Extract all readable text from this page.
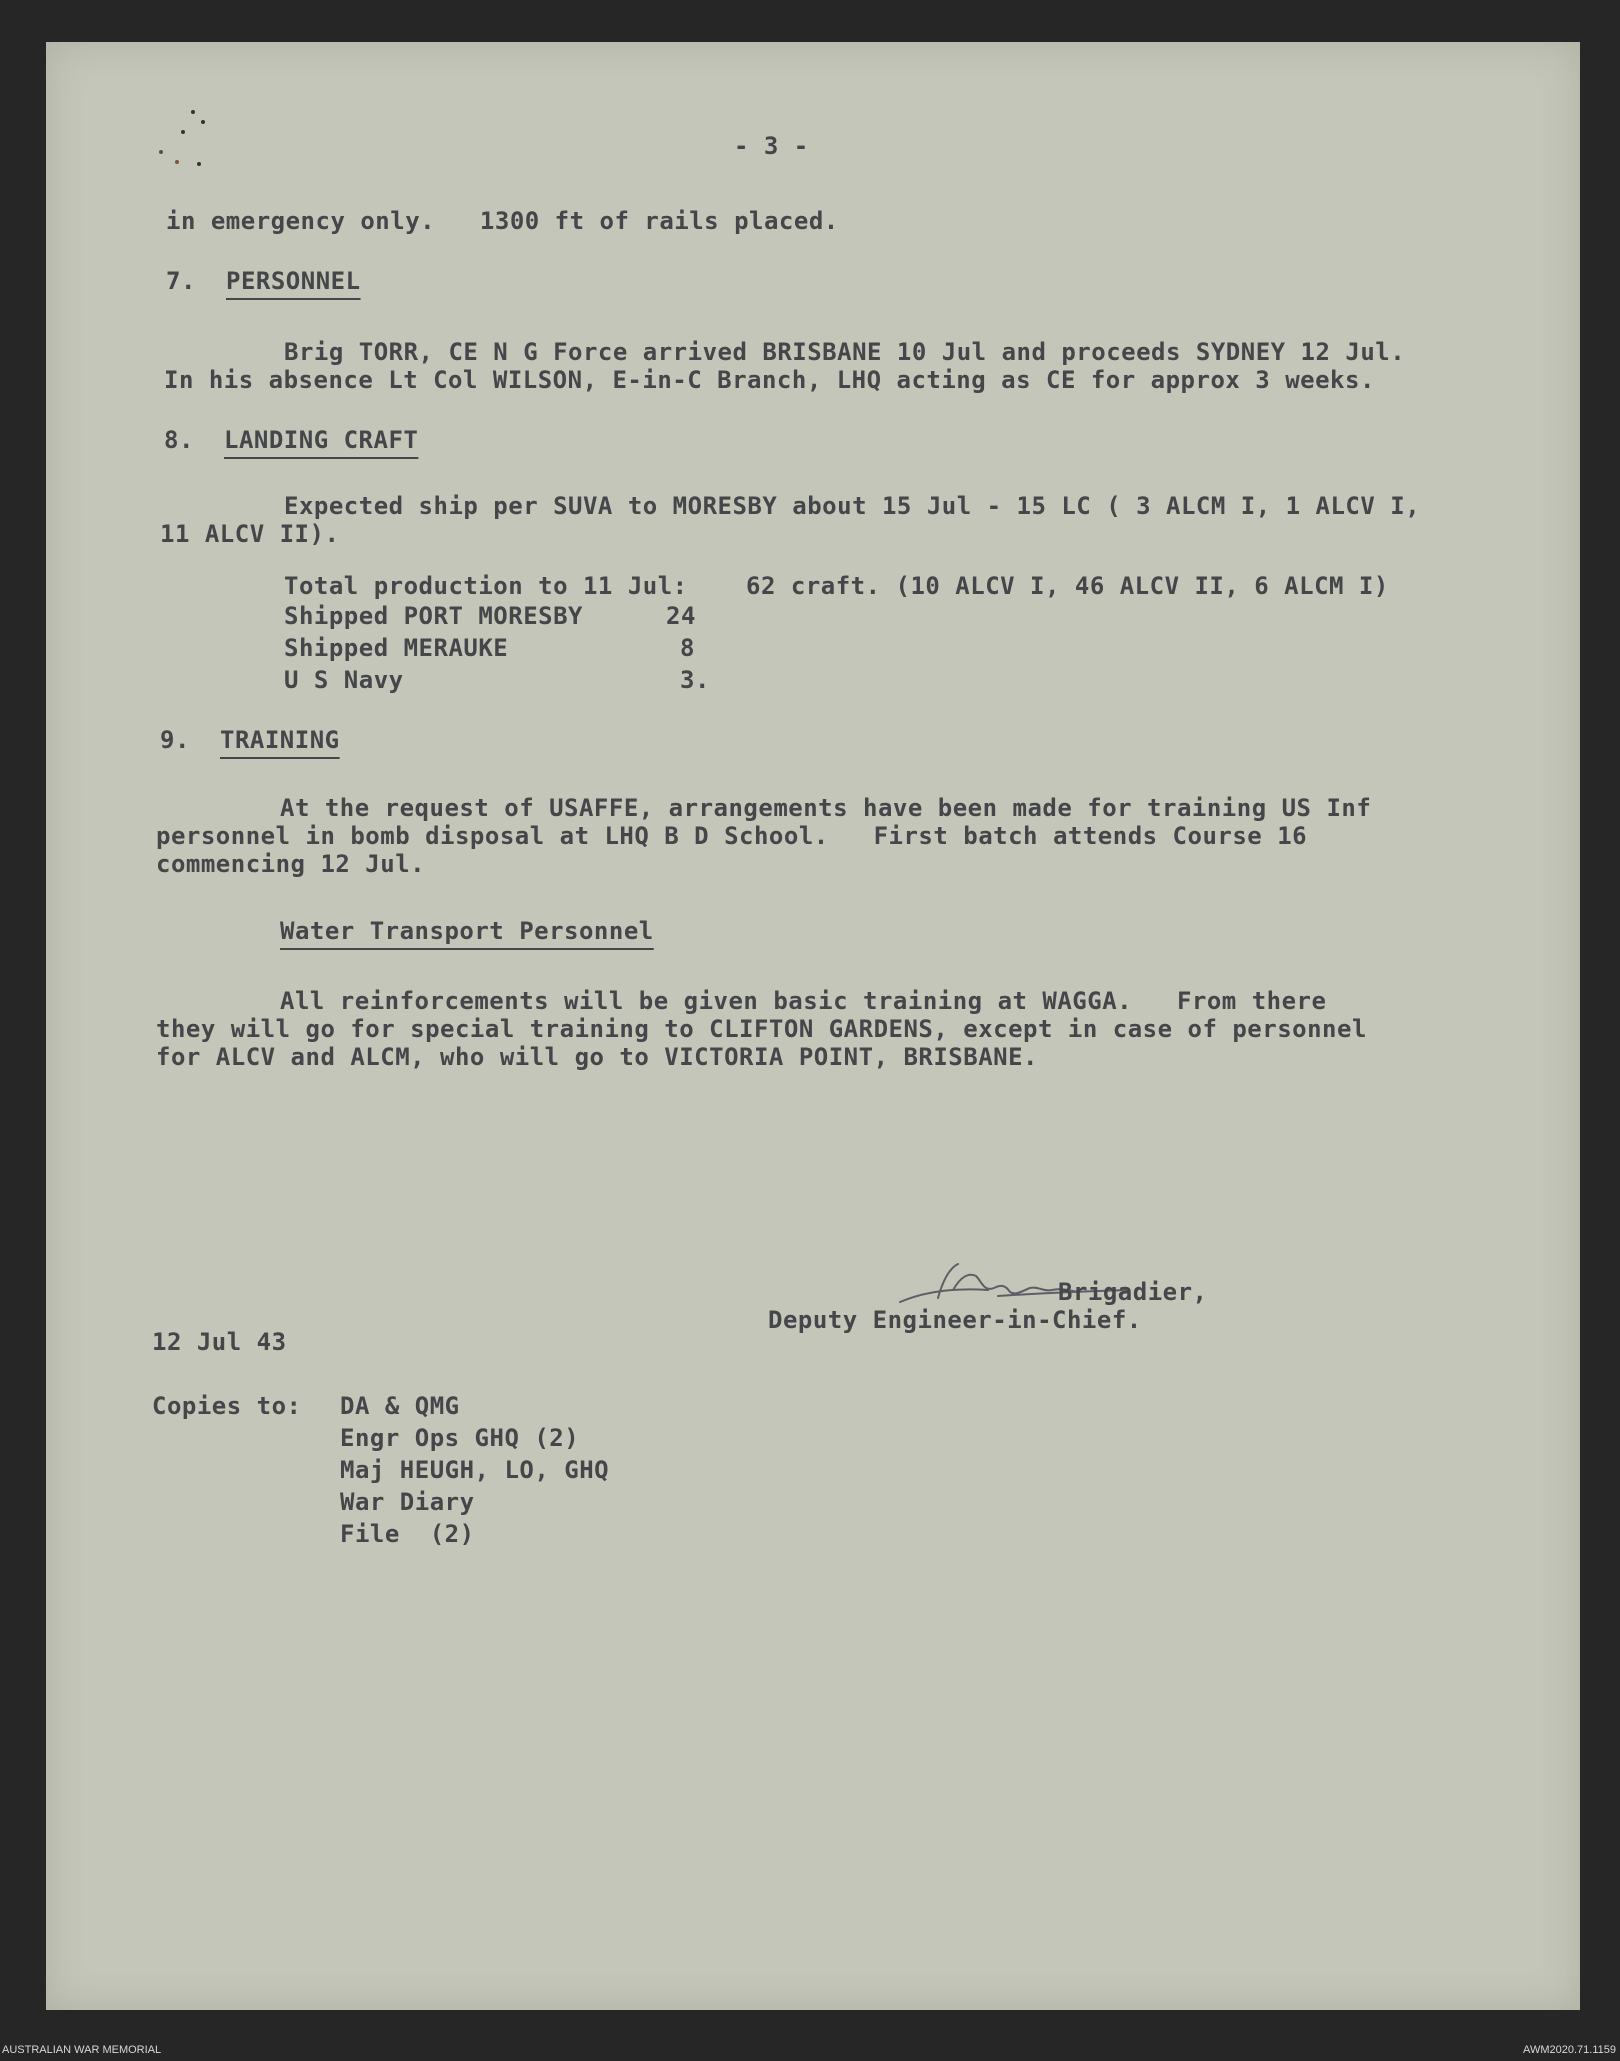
- 3 -
in emergency only.   1300 ft of rails placed.
7. PERSONNEL
Brig TORR, CE N G Force arrived BRISBANE 10 Jul and proceeds SYDNEY 12 Jul.
In his absence Lt Col WILSON, E-in-C Branch, LHQ acting as CE for approx 3 weeks.
8. LANDING CRAFT
Expected ship per SUVA to MORESBY about 15 Jul - 15 LC ( 3 ALCM I, 1 ALCV I,
11 ALCV II).
Total production to 11 Jul: 62 craft. (10 ALCV I, 46 ALCV II, 6 ALCM I)
Shipped PORT MORESBY	24
Shipped MERAUKE	8
U S Navy	3.
9. TRAINING
At the request of USAFFE, arrangements have been made for training US Inf
personnel in bomb disposal at LHQ B D School.   First batch attends Course 16
commencing 12 Jul.
Water Transport Personnel
All reinforcements will be given basic training at WAGGA.   From there
they will go for special training to CLIFTON GARDENS, except in case of personnel
for ALCV and ALCM, who will go to VICTORIA POINT, BRISBANE.
Brigadier,
Deputy Engineer-in-Chief.
12 Jul 43
Copies to: DA & QMG
Engr Ops GHQ (2)
Maj HEUGH, LO, GHQ
War Diary
File  (2)
AUSTRALIAN WAR MEMORIAL	AWM2020.71.1159
